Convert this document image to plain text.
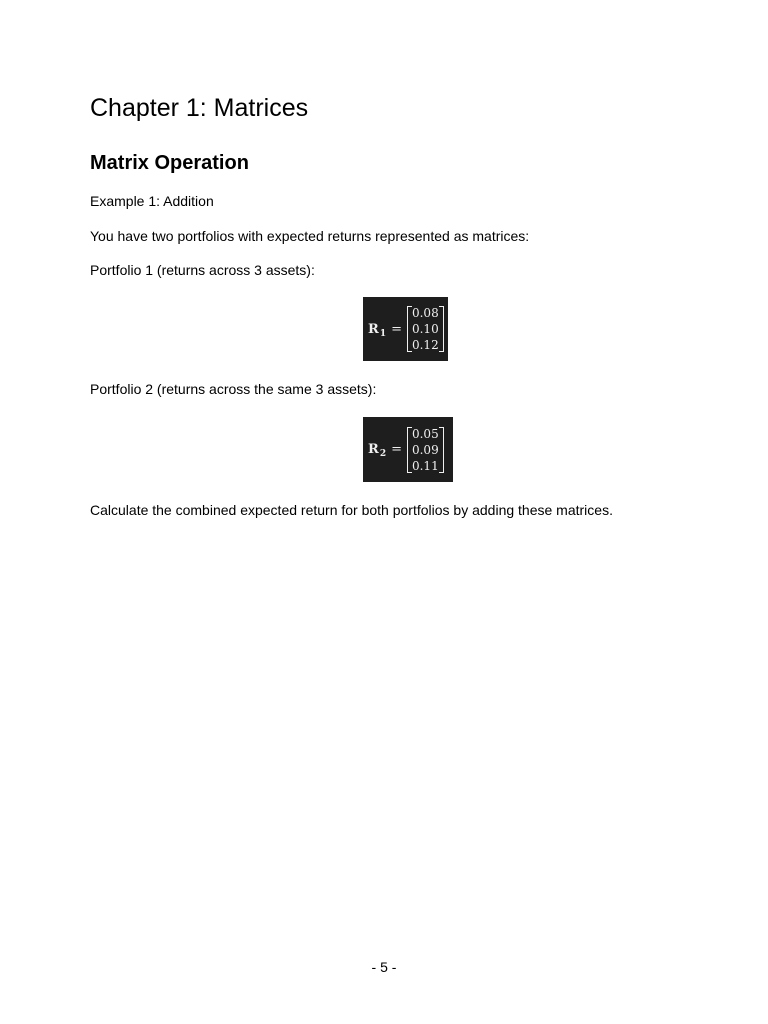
Chapter 1: Matrices
Matrix Operation

Example 1: Addition

You have two portfolios with expected returns represented as matrices:

Portfolio 1 (returns across 3 assets):

$R_1$ =
0.08
0.10
0.12

Portfolio 2 (returns across the same 3 assets):

$R_2$ =
0.05
0.09
0.11

Calculate the combined expected return for both portfolios by adding these matrices.

- 5 -
